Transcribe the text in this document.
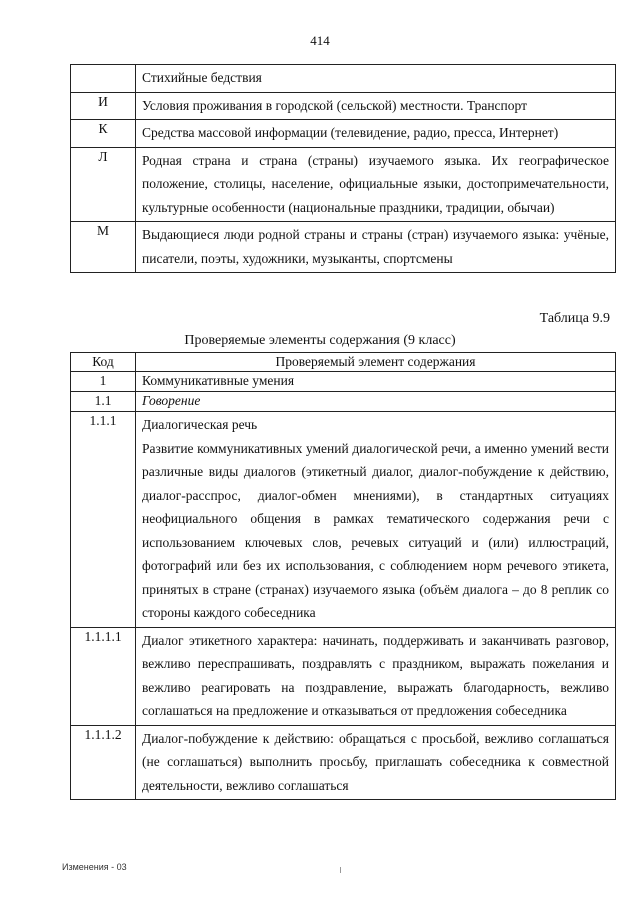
414
	Стихийные бедствия
И	Условия проживания в городской (сельской) местности. Транспорт
К	Средства массовой информации (телевидение, радио, пресса, Интернет)
Л	Родная страна и страна (страны) изучаемого языка. Их географическое положение, столицы, население, официальные языки, достопримечательности, культурные особенности (национальные праздники, традиции, обычаи)
М	Выдающиеся люди родной страны и страны (стран) изучаемого языка: учёные, писатели, поэты, художники, музыканты, спортсмены
Таблица 9.9
Проверяемые элементы содержания (9 класс)
Код	Проверяемый элемент содержания
1	Коммуникативные умения
1.1	Говорение
1.1.1	Диалогическая речь
Развитие коммуникативных умений диалогической речи, а именно умений вести различные виды диалогов (этикетный диалог, диалог-побуждение к действию, диалог-расспрос, диалог-обмен мнениями), в стандартных ситуациях неофициального общения в рамках тематического содержания речи с использованием ключевых слов, речевых ситуаций и (или) иллюстраций, фотографий или без их использования, с соблюдением норм речевого этикета, принятых в стране (странах) изучаемого языка (объём диалога – до 8 реплик со стороны каждого собеседника

1.1.1.1	Диалог этикетного характера: начинать, поддерживать и заканчивать разговор, вежливо переспрашивать, поздравлять с праздником, выражать пожелания и вежливо реагировать на поздравление, выражать благодарность, вежливо соглашаться на предложение и отказываться от предложения собеседника
1.1.1.2	Диалог-побуждение к действию: обращаться с просьбой, вежливо соглашаться (не соглашаться) выполнить просьбу, приглашать собеседника к совместной деятельности, вежливо соглашаться
Изменения - 03
